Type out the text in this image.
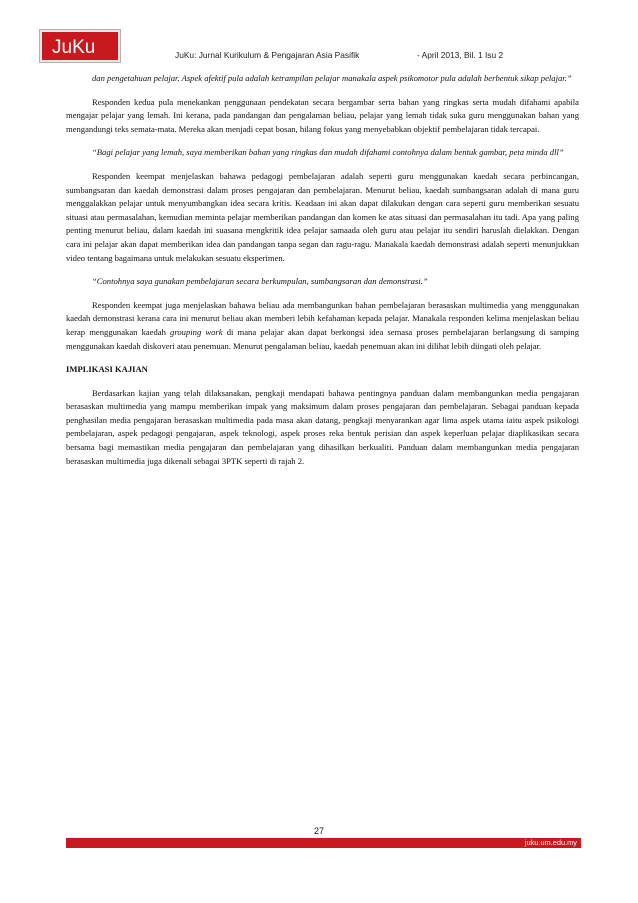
JuKu	JuKu: Jurnal Kurikulum & Pengajaran Asia Pasifik	- April 2013, Bil. 1 Isu 2

dan pengetahuan pelajar. Aspek afektif pula adalah ketrampilan pelajar manakala aspek psikomotor pula adalah berbentuk sikap pelajar.”

Responden kedua pula menekankan penggunaan pendekatan secara bergambar serta bahan yang ringkas serta mudah difahami apabila mengajar pelajar yang lemah. Ini kerana, pada pandangan dan pengalaman beliau, pelajar yang lemah tidak suka guru menggunakan bahan yang mengandungi teks semata-mata. Mereka akan menjadi cepat bosan, hilang fokus yang menyebabkan objektif pembelajaran tidak tercapai.

“Bagi pelajar yang lemah, saya memberikan bahan yang ringkas dan mudah difahami contohnya dalam bentuk gambar, peta minda dll”

Responden keempat menjelaskan bahawa pedagogi pembelajaran adalah seperti guru menggunakan kaedah secara perbincangan, sumbangsaran dan kaedah demonstrasi dalam proses pengajaran dan pembelajaran. Menurut beliau, kaedah sumbangsaran adalah di mana guru menggalakkan pelajar untuk menyumbangkan idea secara kritis. Keadaan ini akan dapat dilakukan dengan cara seperti guru memberikan sesuatu situasi atau permasalahan, kemudian meminta pelajar memberikan pandangan dan komen ke atas situasi dan permasalahan itu tadi. Apa yang paling penting menurut beliau, dalam kaedah ini suasana mengkritik idea pelajar samaada oleh guru atau pelajar itu sendiri haruslah dielakkan. Dengan cara ini pelajar akan dapat memberikan idea dan pandangan tanpa segan dan ragu-ragu. Manakala kaedah demonstrasi adalah seperti menunjukkan video tentang bagaimana untuk melakukan sesuatu eksperimen.

“Contohnya saya gunakan pembelajaran secara berkumpulan, sumbangsaran dan demonstrasi.”

Responden keempat juga menjelaskan bahawa beliau ada membangunkan bahan pembelajaran berasaskan multimedia yang menggunakan kaedah demonstrasi kerana cara ini menurut beliau akan memberi lebih kefahaman kepada pelajar. Manakala responden kelima menjelaskan beliau kerap menggunakan kaedah grouping work di mana pelajar akan dapat berkongsi idea semasa proses pembelajaran berlangsung di samping menggunakan kaedah diskoveri atau penemuan. Menurut pengalaman beliau, kaedah penemuan akan ini dilihat lebih diingati oleh pelajar.

IMPLIKASI KAJIAN

Berdasarkan kajian yang telah dilaksanakan, pengkaji mendapati bahawa pentingnya panduan dalam membangunkan media pengajaran berasaskan multimedia yang mampu memberikan impak yang maksimum dalam proses pengajaran dan pembelajaran. Sebagai panduan kepada penghasilan media pengajaran berasaskan multimedia pada masa akan datang, pengkaji menyarankan agar lima aspek utama iaitu aspek psikologi pembelajaran, aspek pedagogi pengajaran, aspek teknologi, aspek proses reka bentuk perisian dan aspek keperluan pelajar diaplikasikan secara bersama bagi memastikan media pengajaran dan pembelajaran yang dihasilkan berkualiti. Panduan dalam membangunkan media pengajaran berasaskan multimedia juga dikenali sebagai 3PTK seperti di rajah 2.

27
juku.um.edu.my
